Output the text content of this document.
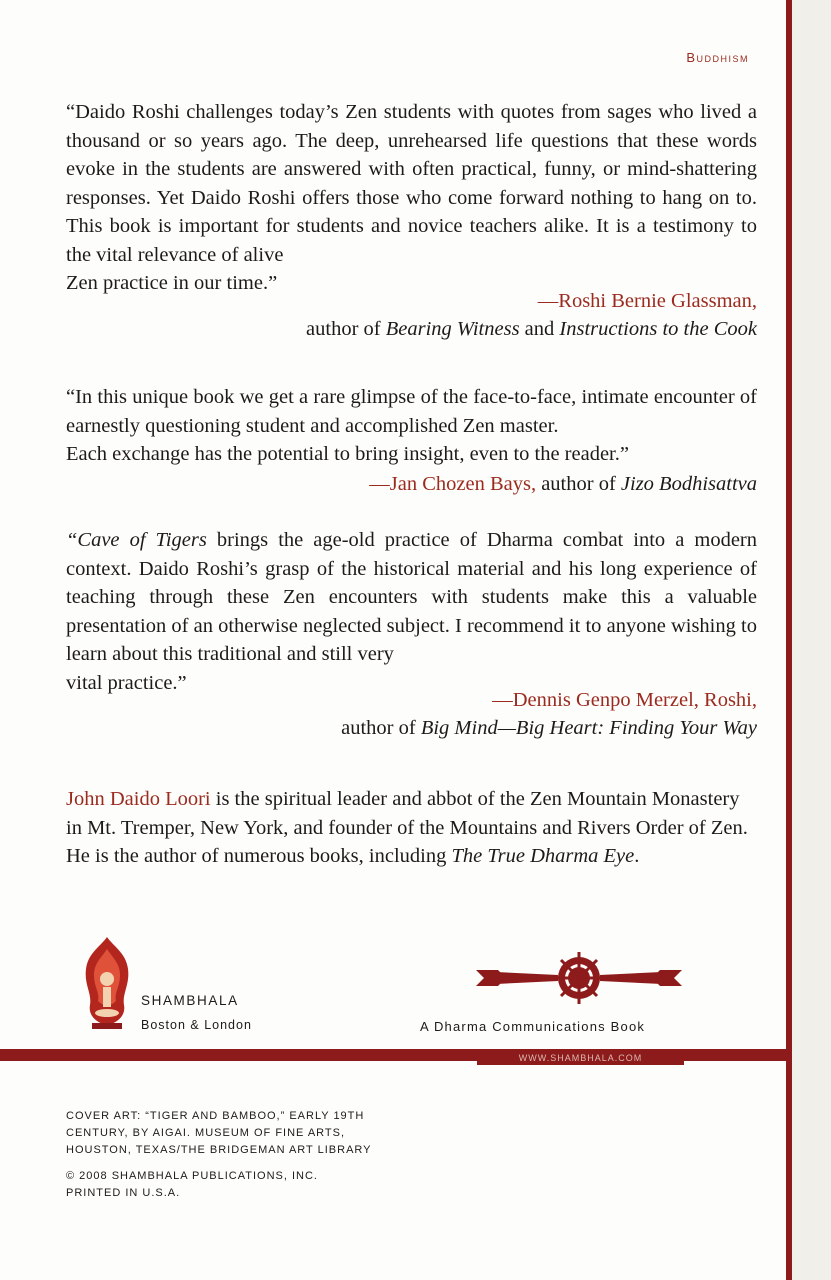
Buddhism
“Daido Roshi challenges today’s Zen students with quotes from sages who lived a thousand or so years ago. The deep, unrehearsed life questions that these words evoke in the students are answered with often practical, funny, or mind-shattering responses. Yet Daido Roshi offers those who come forward nothing to hang on to. This book is important for students and novice teachers alike. It is a testimony to the vital relevance of alive
Zen practice in our time.”
—Roshi Bernie Glassman,
author of Bearing Witness and Instructions to the Cook
“In this unique book we get a rare glimpse of the face-to-face, intimate encounter of earnestly questioning student and accomplished Zen master.
Each exchange has the potential to bring insight, even to the reader.”
—Jan Chozen Bays, author of Jizo Bodhisattva
“Cave of Tigers brings the age-old practice of Dharma combat into a modern context. Daido Roshi’s grasp of the historical material and his long experience of teaching through these Zen encounters with students make this a valuable presentation of an otherwise neglected subject. I recommend it to anyone wishing to learn about this traditional and still very
vital practice.”
—Dennis Genpo Merzel, Roshi,
author of Big Mind—Big Heart: Finding Your Way
John Daido Loori is the spiritual leader and abbot of the Zen Mountain Monastery in Mt. Tremper, New York, and founder of the Mountains and Rivers Order of Zen. He is the author of numerous books, including The True Dharma Eye.
SHAMBHALA
Boston & London	A Dharma Communications Book
WWW.SHAMBHALA.COM
COVER ART: “TIGER AND BAMBOO,” EARLY 19TH
CENTURY, BY AIGAI. MUSEUM OF FINE ARTS,
HOUSTON, TEXAS/THE BRIDGEMAN ART LIBRARY
© 2008 SHAMBHALA PUBLICATIONS, INC.
PRINTED IN U.S.A.
